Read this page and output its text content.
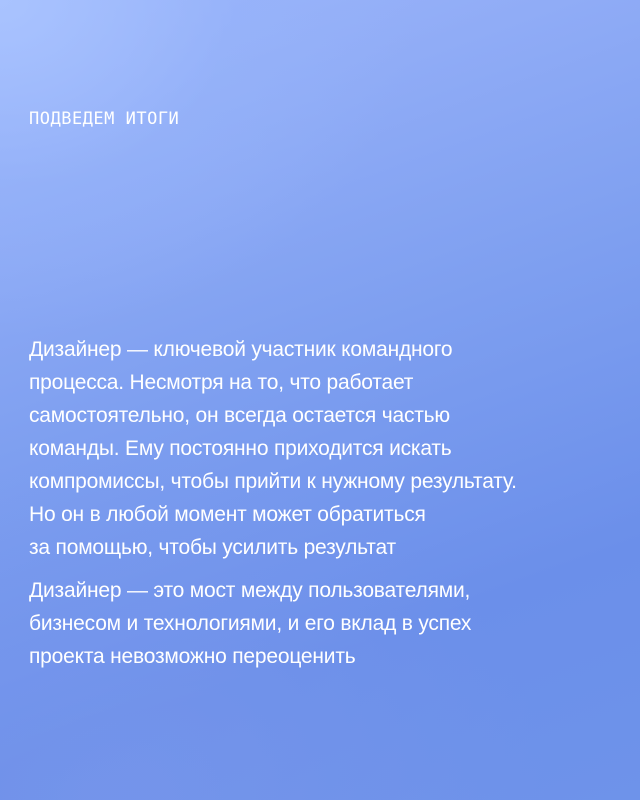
ПОДВЕДЕМ ИТОГИ

Дизайнер — ключевой участник командного
процесса. Несмотря на то, что работает
самостоятельно, он всегда остается частью
команды. Ему постоянно приходится искать
компромиссы, чтобы прийти к нужному результату.
Но он в любой момент может обратиться
за помощью, чтобы усилить результат

Дизайнер — это мост между пользователями,
бизнесом и технологиями, и его вклад в успех
проекта невозможно переоценить
